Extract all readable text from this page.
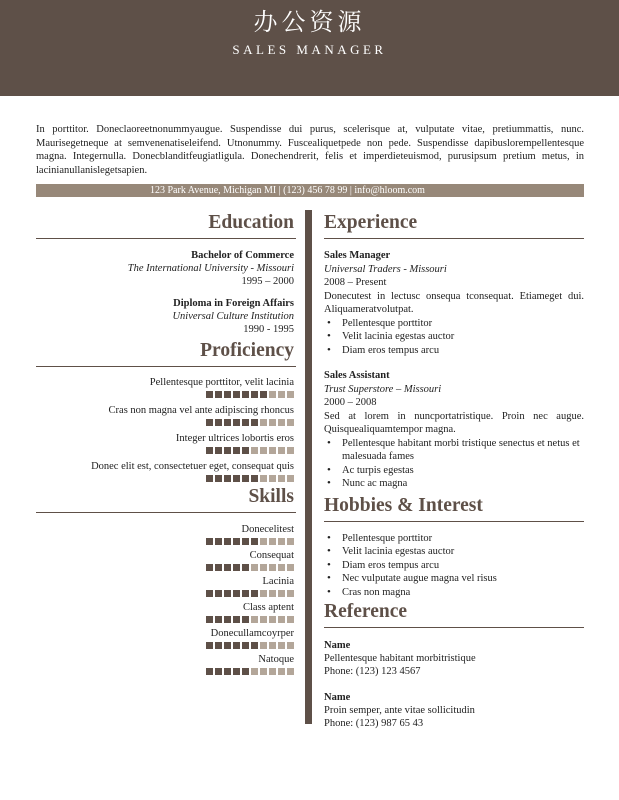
办公资源
SALES MANAGER

In porttitor. Doneclaoreetnonummyaugue. Suspendisse dui purus, scelerisque at, vulputate vitae, pretiummattis, nunc. Maurisegetneque at semvenenatiseleifend. Utnonummy. Fuscealiquetpede non pede. Suspendisse dapibuslorempellentesque magna. Integernulla. Donecblanditfeugiatligula. Donechendrerit, felis et imperdieteuismod, purusipsum pretium metus, in lacinianullanislegetsapien.

123 Park Avenue, Michigan MI | (123) 456 78 99 | info@hloom.com
Education
Bachelor of Commerce
The International University - Missouri
1995 – 2000
Diploma in Foreign Affairs
Universal Culture Institution
1990 - 1995
Proficiency
Pellentesque porttitor, velit lacinia
Cras non magna vel ante adipiscing rhoncus
Integer ultrices lobortis eros
Donec elit est, consectetuer eget, consequat quis
Skills
Donecelitest
Consequat
Lacinia
Class aptent
Donecullamcoyrper
Natoque
Experience
Sales Manager
Universal Traders - Missouri
2008 – Present
Donecutest in lectusc onsequa tconsequat. Etiameget dui. Aliquameratvolutpat.
• Pellentesque porttitor
• Velit lacinia egestas auctor
• Diam eros tempus arcu
Sales Assistant
Trust Superstore – Missouri
2000 – 2008
Sed at lorem in nuncportatristique. Proin nec augue. Quisquealiquamtempor magna.
• Pellentesque habitant morbi tristique senectus et netus et malesuada fames
• Ac turpis egestas
• Nunc ac magna
Hobbies & Interest
• Pellentesque porttitor
• Velit lacinia egestas auctor
• Diam eros tempus arcu
• Nec vulputate augue magna vel risus
• Cras non magna
Reference
Name
Pellentesque habitant morbitristique
Phone: (123) 123 4567
Name
Proin semper, ante vitae sollicitudin
Phone: (123) 987 65 43
